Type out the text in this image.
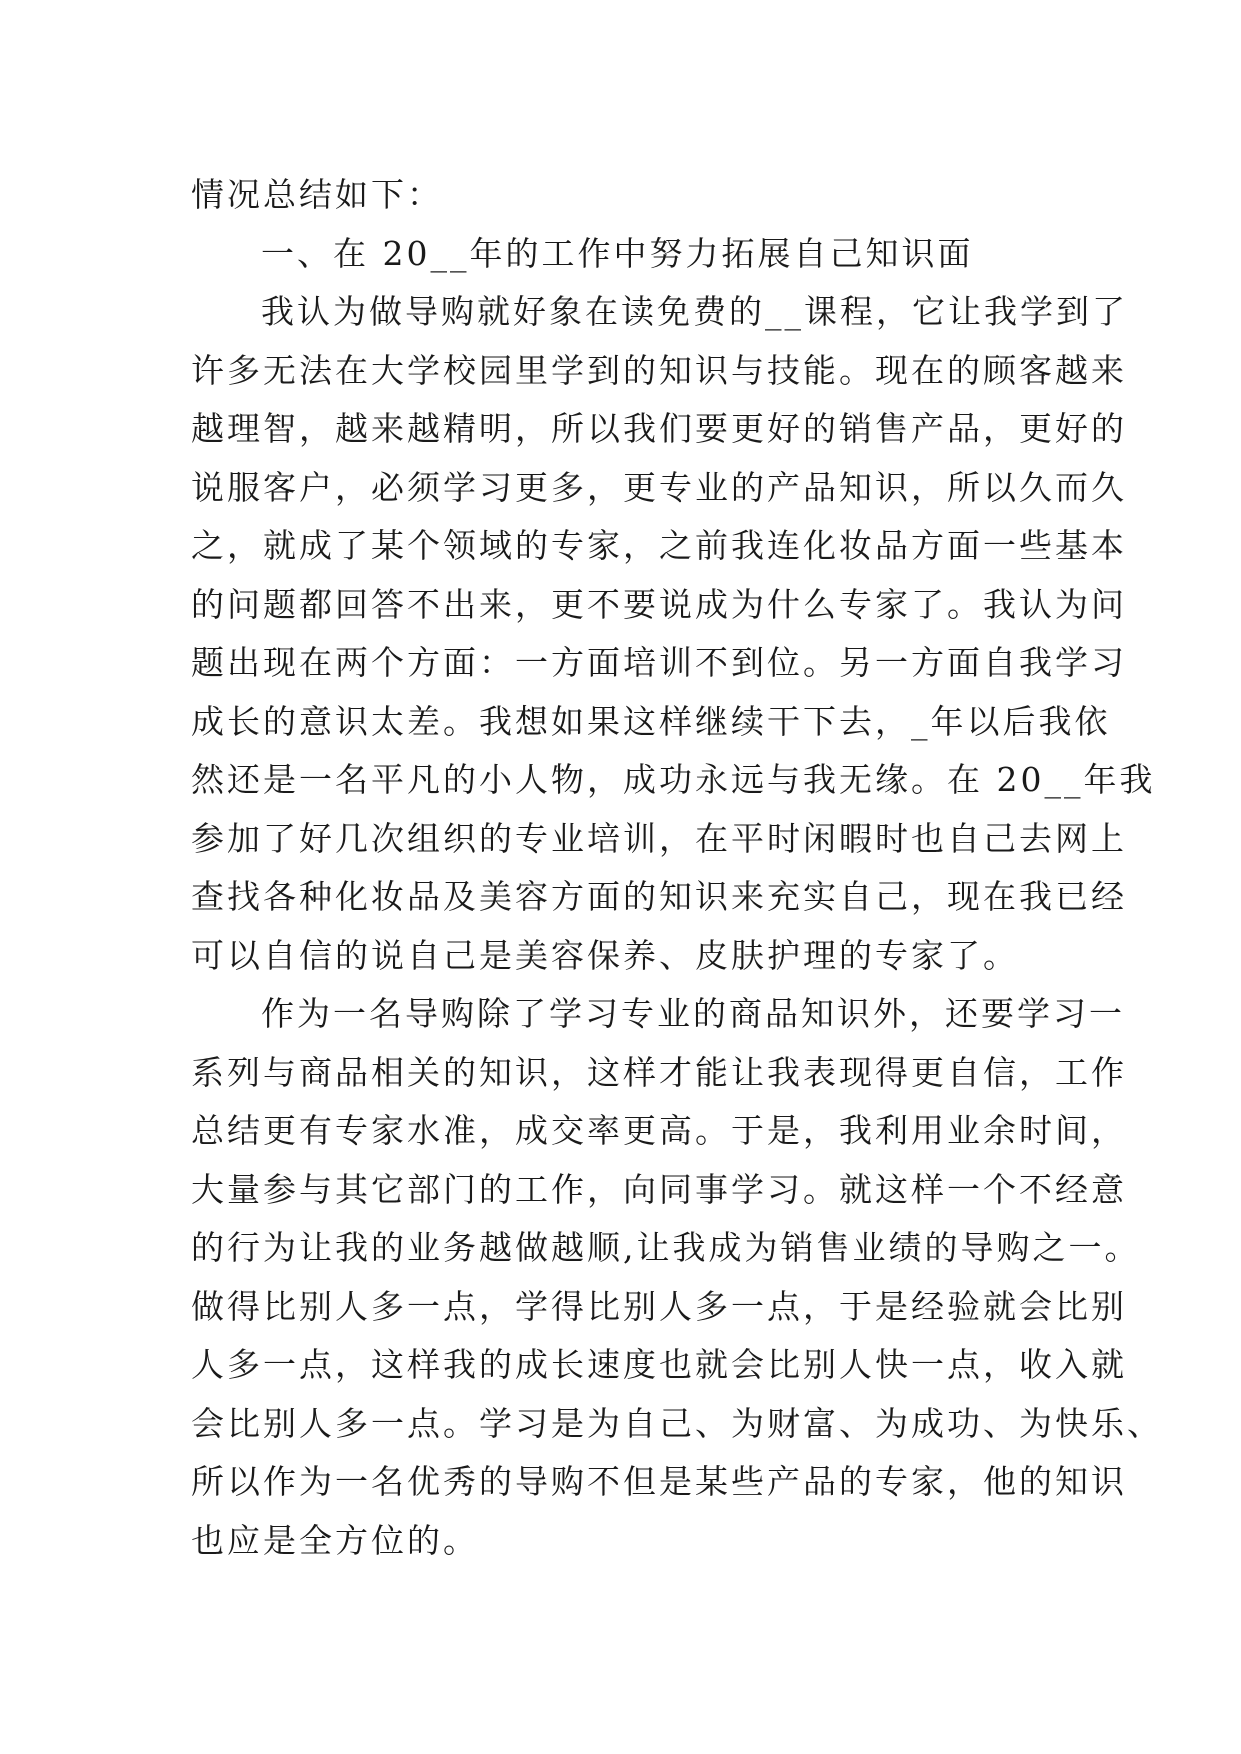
情况总结如下：
一、在 20__年的工作中努力拓展自己知识面
我认为做导购就好象在读免费的__课程，它让我学到了
许多无法在大学校园里学到的知识与技能。现在的顾客越来
越理智，越来越精明，所以我们要更好的销售产品，更好的
说服客户，必须学习更多，更专业的产品知识，所以久而久
之，就成了某个领域的专家，之前我连化妆品方面一些基本
的问题都回答不出来，更不要说成为什么专家了。我认为问
题出现在两个方面：一方面培训不到位。另一方面自我学习
成长的意识太差。我想如果这样继续干下去，_年以后我依
然还是一名平凡的小人物，成功永远与我无缘。在 20__年我
参加了好几次组织的专业培训，在平时闲暇时也自己去网上
查找各种化妆品及美容方面的知识来充实自己，现在我已经
可以自信的说自己是美容保养、皮肤护理的专家了。
作为一名导购除了学习专业的商品知识外，还要学习一
系列与商品相关的知识，这样才能让我表现得更自信，工作
总结更有专家水准，成交率更高。于是，我利用业余时间，
大量参与其它部门的工作，向同事学习。就这样一个不经意
的行为让我的业务越做越顺,让我成为销售业绩的导购之一。
做得比别人多一点，学得比别人多一点，于是经验就会比别
人多一点，这样我的成长速度也就会比别人快一点，收入就
会比别人多一点。学习是为自己、为财富、为成功、为快乐、
所以作为一名优秀的导购不但是某些产品的专家，他的知识
也应是全方位的。
